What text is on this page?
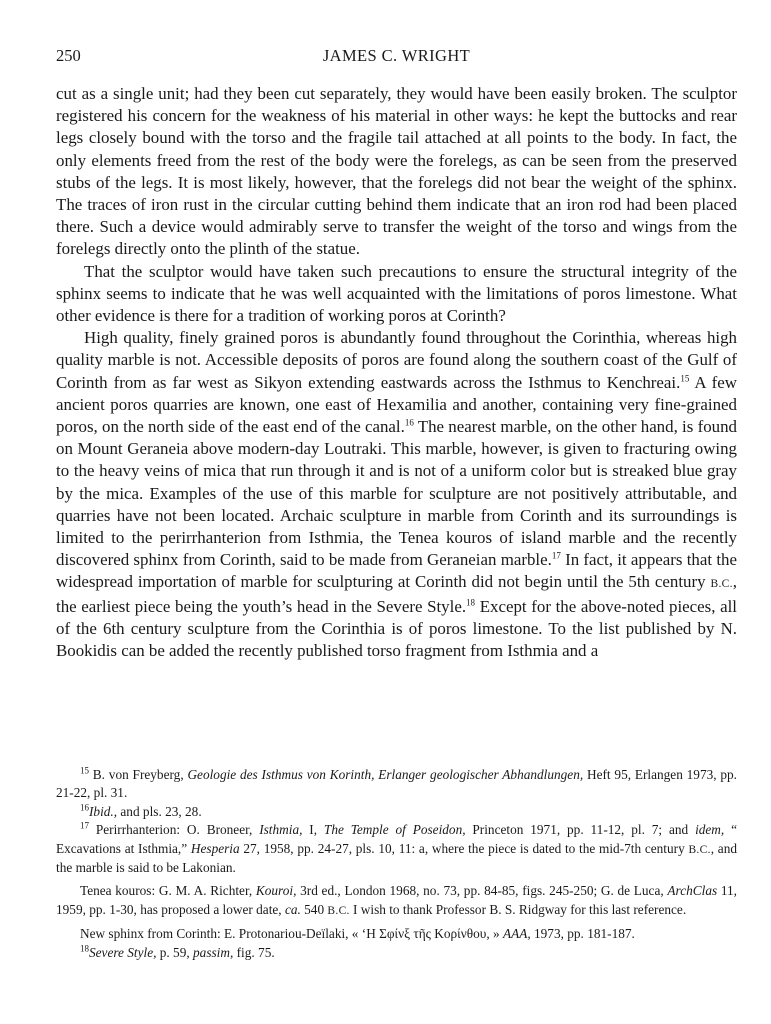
250	JAMES C. WRIGHT

cut as a single unit; had they been cut separately, they would have been easily broken. The sculptor registered his concern for the weakness of his material in other ways: he kept the buttocks and rear legs closely bound with the torso and the fragile tail attached at all points to the body. In fact, the only elements freed from the rest of the body were the forelegs, as can be seen from the preserved stubs of the legs. It is most likely, however, that the forelegs did not bear the weight of the sphinx. The traces of iron rust in the circular cutting behind them indicate that an iron rod had been placed there. Such a device would admirably serve to transfer the weight of the torso and wings from the forelegs directly onto the plinth of the statue.

That the sculptor would have taken such precautions to ensure the structural integrity of the sphinx seems to indicate that he was well acquainted with the limitations of poros limestone. What other evidence is there for a tradition of working poros at Corinth?

High quality, finely grained poros is abundantly found throughout the Corinthia, whereas high quality marble is not. Accessible deposits of poros are found along the southern coast of the Gulf of Corinth from as far west as Sikyon extending eastwards across the Isthmus to Kenchreai.$^{15}$ A few ancient poros quarries are known, one east of Hexamilia and another, containing very fine-grained poros, on the north side of the east end of the canal.$^{16}$ The nearest marble, on the other hand, is found on Mount Geraneia above modern-day Loutraki. This marble, however, is given to fracturing owing to the heavy veins of mica that run through it and is not of a uniform color but is streaked blue gray by the mica. Examples of the use of this marble for sculpture are not positively attributable, and quarries have not been located. Archaic sculpture in marble from Corinth and its surroundings is limited to the perirrhanterion from Isthmia, the Tenea kouros of island marble and the recently discovered sphinx from Corinth, said to be made from Geraneian marble.$^{17}$ In fact, it appears that the widespread importation of marble for sculpturing at Corinth did not begin until the 5th century B.C., the earliest piece being the youth’s head in the Severe Style.$^{18}$ Except for the above-noted pieces, all of the 6th century sculpture from the Corinthia is of poros limestone. To the list published by N. Bookidis can be added the recently published torso fragment from Isthmia and a

$^{15}$ B. von Freyberg, Geologie des Isthmus von Korinth, Erlanger geologischer Abhandlungen, Heft 95, Erlangen 1973, pp. 21-22, pl. 31.

$^{16}$Ibid., and pls. 23, 28.

$^{17}$ Perirrhanterion: O. Broneer, Isthmia, I, The Temple of Poseidon, Princeton 1971, pp. 11-12, pl. 7; and idem, “ Excavations at Isthmia,” Hesperia 27, 1958, pp. 24-27, pls. 10, 11: a, where the piece is dated to the mid-7th century B.C., and the marble is said to be Lakonian.

Tenea kouros: G. M. A. Richter, Kouroi, 3rd ed., London 1968, no. 73, pp. 84-85, figs. 245-250; G. de Luca, ArchClas 11, 1959, pp. 1-30, has proposed a lower date, ca. 540 B.C. I wish to thank Professor B. S. Ridgway for this last reference.

New sphinx from Corinth: E. Protonariou-Deïlaki, « ‘Η Σφίνξ τῆς Κορίνθου, » AAA, 1973, pp. 181-187.

$^{18}$Severe Style, p. 59, passim, fig. 75.
